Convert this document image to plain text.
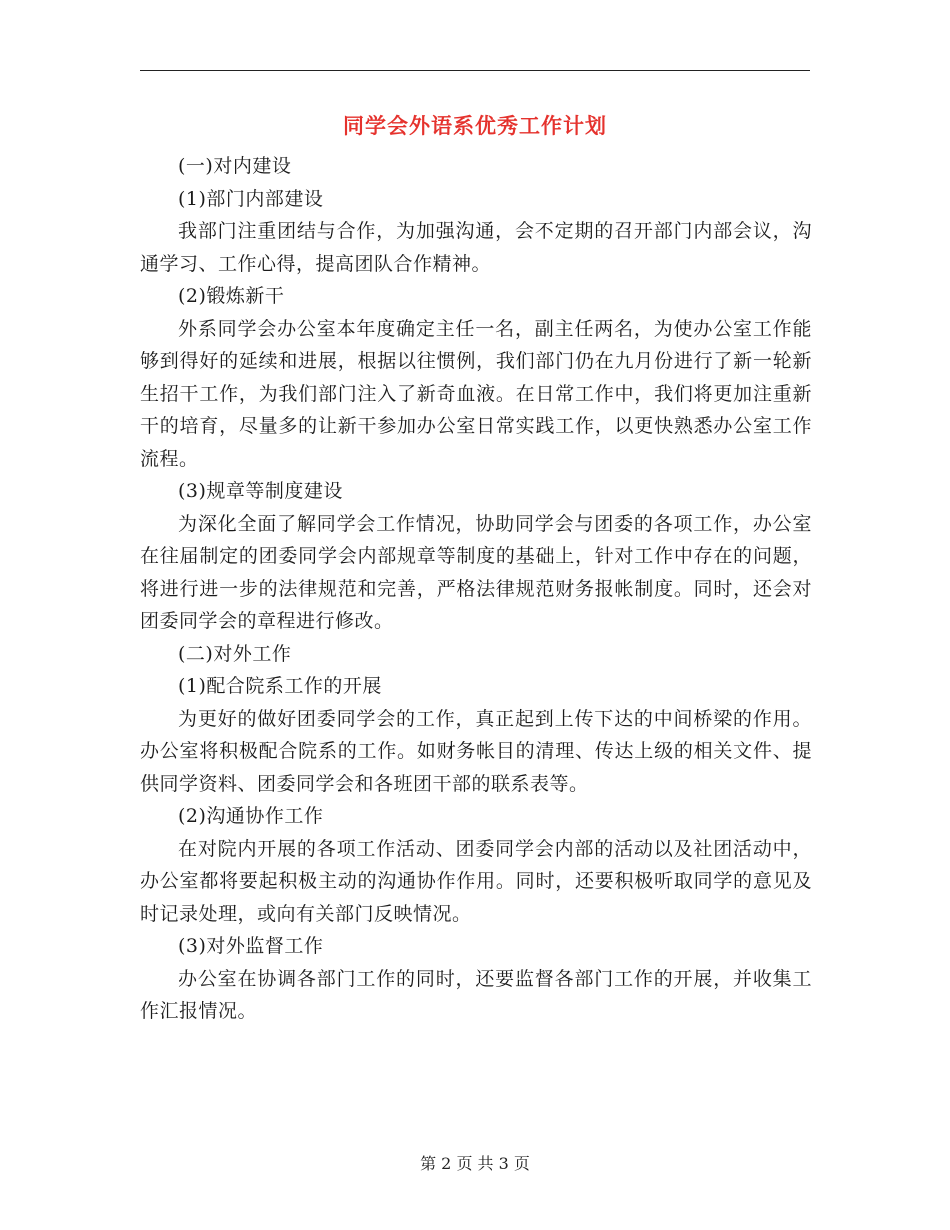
同学会外语系优秀工作计划

(一)对内建设

(1)部门内部建设

我部门注重团结与合作，为加强沟通，会不定期的召开部门内部会议，沟通学习、工作心得，提高团队合作精神。

(2)锻炼新干

外系同学会办公室本年度确定主任一名，副主任两名，为使办公室工作能够到得好的延续和进展，根据以往惯例，我们部门仍在九月份进行了新一轮新生招干工作，为我们部门注入了新奇血液。在日常工作中，我们将更加注重新干的培育，尽量多的让新干参加办公室日常实践工作，以更快熟悉办公室工作流程。

(3)规章等制度建设

为深化全面了解同学会工作情况，协助同学会与团委的各项工作，办公室在往届制定的团委同学会内部规章等制度的基础上，针对工作中存在的问题，将进行进一步的法律规范和完善，严格法律规范财务报帐制度。同时，还会对团委同学会的章程进行修改。

(二)对外工作

(1)配合院系工作的开展

为更好的做好团委同学会的工作，真正起到上传下达的中间桥梁的作用。办公室将积极配合院系的工作。如财务帐目的清理、传达上级的相关文件、提供同学资料、团委同学会和各班团干部的联系表等。

(2)沟通协作工作

在对院内开展的各项工作活动、团委同学会内部的活动以及社团活动中，办公室都将要起积极主动的沟通协作作用。同时，还要积极听取同学的意见及时记录处理，或向有关部门反映情况。

(3)对外监督工作

办公室在协调各部门工作的同时，还要监督各部门工作的开展，并收集工作汇报情况。

第 2 页 共 3 页
